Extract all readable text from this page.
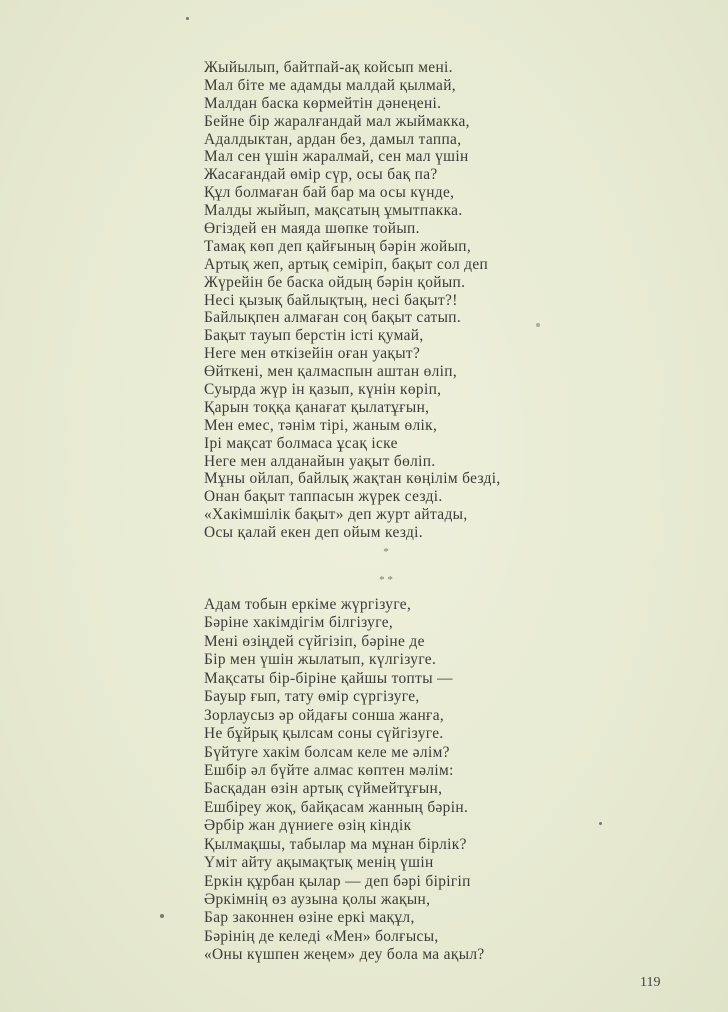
Жыйылып, байтпай-ақ койсып мені.
Мал біте ме адамды малдай қылмай,
Малдан баска көрмейтін дәнеңені.
Бейне бір жаралғандай мал жыймакка,
Адалдыктан, ардан без, дамыл таппа,
Мал сен үшін жаралмай, сен мал үшін
Жасағандай өмір сүр, осы бақ па?
Құл болмаған бай бар ма осы күнде,
Малды жыйып, мақсатың ұмытпакка.
Өгіздей ен маяда шөпке тойып.
Тамақ көп деп қайғының бәрін жойып,
Артық жеп, артық семіріп, бақыт сол деп
Жүрейін бе баска ойдың бәрін қойып.
Несі қызық байлықтың, несі бақыт?!
Байлықпен алмаған соң бақыт сатып.
Бақыт тауып берстін істі қумай,
Неге мен өткізейін оған уақыт?
Өйткені, мен қалмаспын аштан өліп,
Суырда жүр ін қазып, күнін көріп,
Қарын тоққа қанағат қылатұғын,
Мен емес, тәнім тірі, жаным өлік,
Ірі мақсат болмаса ұсақ іске
Неге мен алданайын уақыт бөліп.
Мұны ойлап, байлық жақтан көңілім безді,
Онан бақыт таппасын жүрек сезді.
«Хакімшілік бақыт» деп журт айтады,
Осы қалай екен деп ойым кезді.
*
* *
Адам тобын еркіме жүргізуге,
Бәріне хакімдігім білгізуге,
Мені өзіңдей сүйгізіп, бәріне де
Бір мен үшін жылатып, күлгізуге.
Мақсаты бір-біріне қайшы топты —
Бауыр ғып, тату өмір сүргізуге,
Зорлаусыз әр ойдағы сонша жанға,
Не бұйрық қылсам соны сүйгізуге.
Бүйтуге хакім болсам келе ме әлім?
Ешбір әл бүйте алмас көптен мәлім:
Басқадан өзін артық сүймейтұғын,
Ешбіреу жоқ, байқасам жанның бәрін.
Әрбір жан дүниеге өзің кіндік
Қылмақшы, табылар ма мұнан бірлік?
Үміт айту ақымақтық менің үшін
Еркін құрбан қылар — деп бәрі бірігіп
Әркімнің өз аузына қолы жақын,
Бар законнен өзіне еркі мақұл,
Бәрінің де келеді «Мен» болғысы,
«Оны күшпен жеңем» деу бола ма ақыл?
119
